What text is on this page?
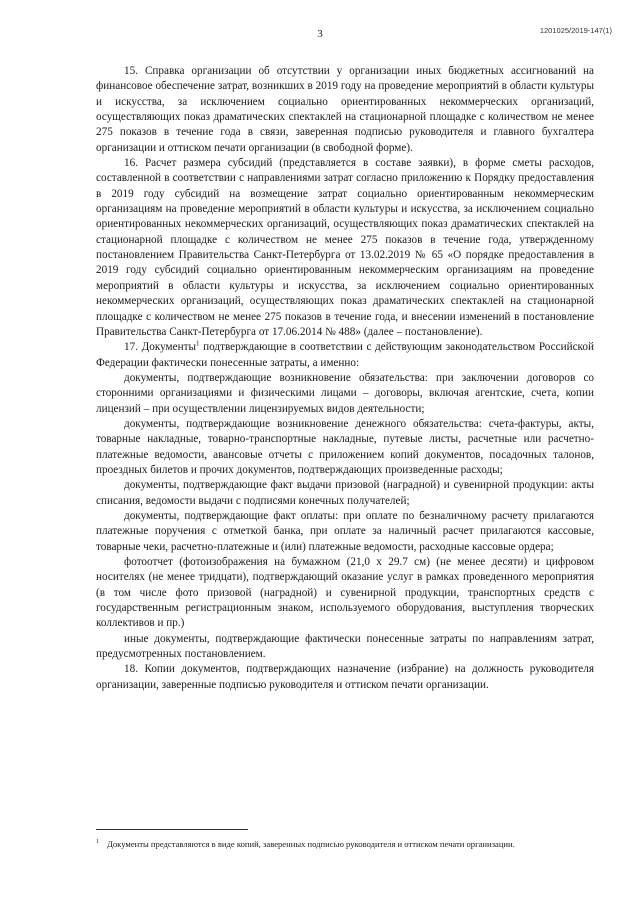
3	1201025/2019-147(1)

15. Справка организации об отсутствии у организации иных бюджетных ассигнований на финансовое обеспечение затрат, возникших в 2019 году на проведение мероприятий в области культуры и искусства, за исключением социально ориентированных некоммерческих организаций, осуществляющих показ драматических спектаклей на стационарной площадке с количеством не менее 275 показов в течение года в связи, заверенная подписью руководителя и главного бухгалтера организации и оттиском печати организации (в свободной форме).

16. Расчет размера субсидий (представляется в составе заявки), в форме сметы расходов, составленной в соответствии с направлениями затрат согласно приложению к Порядку предоставления в 2019 году субсидий на возмещение затрат социально ориентированным некоммерческим организациям на проведение мероприятий в области культуры и искусства, за исключением социально ориентированных некоммерческих организаций, осуществляющих показ драматических спектаклей на стационарной площадке с количеством не менее 275 показов в течение года, утвержденному постановлением Правительства Санкт-Петербурга от 13.02.2019 № 65 «О порядке предоставления в 2019 году субсидий социально ориентированным некоммерческим организациям на проведение мероприятий в области культуры и искусства, за исключением социально ориентированных некоммерческих организаций, осуществляющих показ драматических спектаклей на стационарной площадке с количеством не менее 275 показов в течение года, и внесении изменений в постановление Правительства Санкт-Петербурга от 17.06.2014 № 488» (далее – постановление).

17. Документы$^1$ подтверждающие в соответствии с действующим законодательством Российской Федерации фактически понесенные затраты, а именно:

документы, подтверждающие возникновение обязательства: при заключении договоров со сторонними организациями и физическими лицами – договоры, включая агентские, счета, копии лицензий – при осуществлении лицензируемых видов деятельности;

документы, подтверждающие возникновение денежного обязательства: счета-фактуры, акты, товарные накладные, товарно-транспортные накладные, путевые листы, расчетные или расчетно-платежные ведомости, авансовые отчеты с приложением копий документов, посадочных талонов, проездных билетов и прочих документов, подтверждающих произведенные расходы;

документы, подтверждающие факт выдачи призовой (наградной) и сувенирной продукции: акты списания, ведомости выдачи с подписями конечных получателей;

документы, подтверждающие факт оплаты: при оплате по безналичному расчету прилагаются платежные поручения с отметкой банка, при оплате за наличный расчет прилагаются кассовые, товарные чеки, расчетно-платежные и (или) платежные ведомости, расходные кассовые ордера;

фотоотчет (фотоизображения на бумажном (21,0 х 29.7 см) (не менее десяти) и цифровом носителях (не менее тридцати), подтверждающий оказание услуг в рамках проведенного мероприятия (в том числе фото призовой (наградной) и сувенирной продукции, транспортных средств с государственным регистрационным знаком, используемого оборудования, выступления творческих коллективов и пр.)

иные документы, подтверждающие фактически понесенные затраты по направлениям затрат, предусмотренных постановлением.

18. Копии документов, подтверждающих назначение (избрание) на должность руководителя организации, заверенные подписью руководителя и оттиском печати организации.

$^1$ Документы представляются в виде копий, заверенных подписью руководителя и оттиском печати организации.
